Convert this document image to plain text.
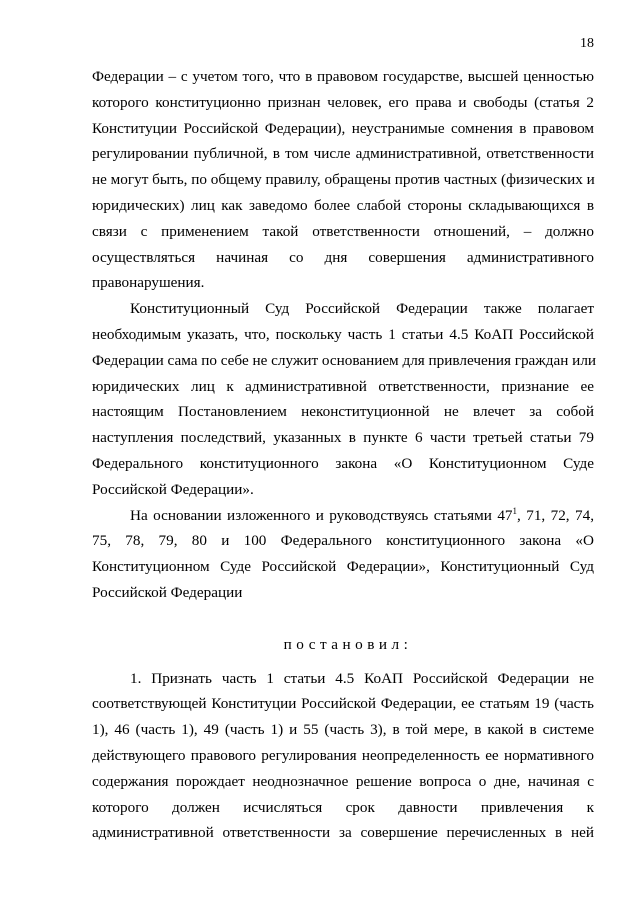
18
Федерации – с учетом того, что в правовом государстве, высшей ценностью
которого конституционно признан человек, его права и свободы (статья 2
Конституции Российской Федерации), неустранимые сомнения в правовом
регулировании публичной, в том числе административной, ответственности
не могут быть, по общему правилу, обращены против частных (физических и
юридических) лиц как заведомо более слабой стороны складывающихся в
связи с применением такой ответственности отношений, – должно
осуществляться начиная со дня совершения административного
правонарушения.
Конституционный Суд Российской Федерации также полагает
необходимым указать, что, поскольку часть 1 статьи 4.5 КоАП Российской
Федерации сама по себе не служит основанием для привлечения граждан или
юридических лиц к административной ответственности, признание ее
настоящим Постановлением неконституционной не влечет за собой
наступления последствий, указанных в пункте 6 части третьей статьи 79
Федерального конституционного закона «О Конституционном Суде
Российской Федерации».
На основании изложенного и руководствуясь статьями $47^1$, 71, 72, 74,
75, 78, 79, 80 и 100 Федерального конституционного закона «О
Конституционном Суде Российской Федерации», Конституционный Суд
Российской Федерации
постановил:
1. Признать часть 1 статьи 4.5 КоАП Российской Федерации не
соответствующей Конституции Российской Федерации, ее статьям 19 (часть
1), 46 (часть 1), 49 (часть 1) и 55 (часть 3), в той мере, в какой в системе
действующего правового регулирования неопределенность ее нормативного
содержания порождает неоднозначное решение вопроса о дне, начиная с
которого должен исчисляться срок давности привлечения к
административной ответственности за совершение перечисленных в ней
